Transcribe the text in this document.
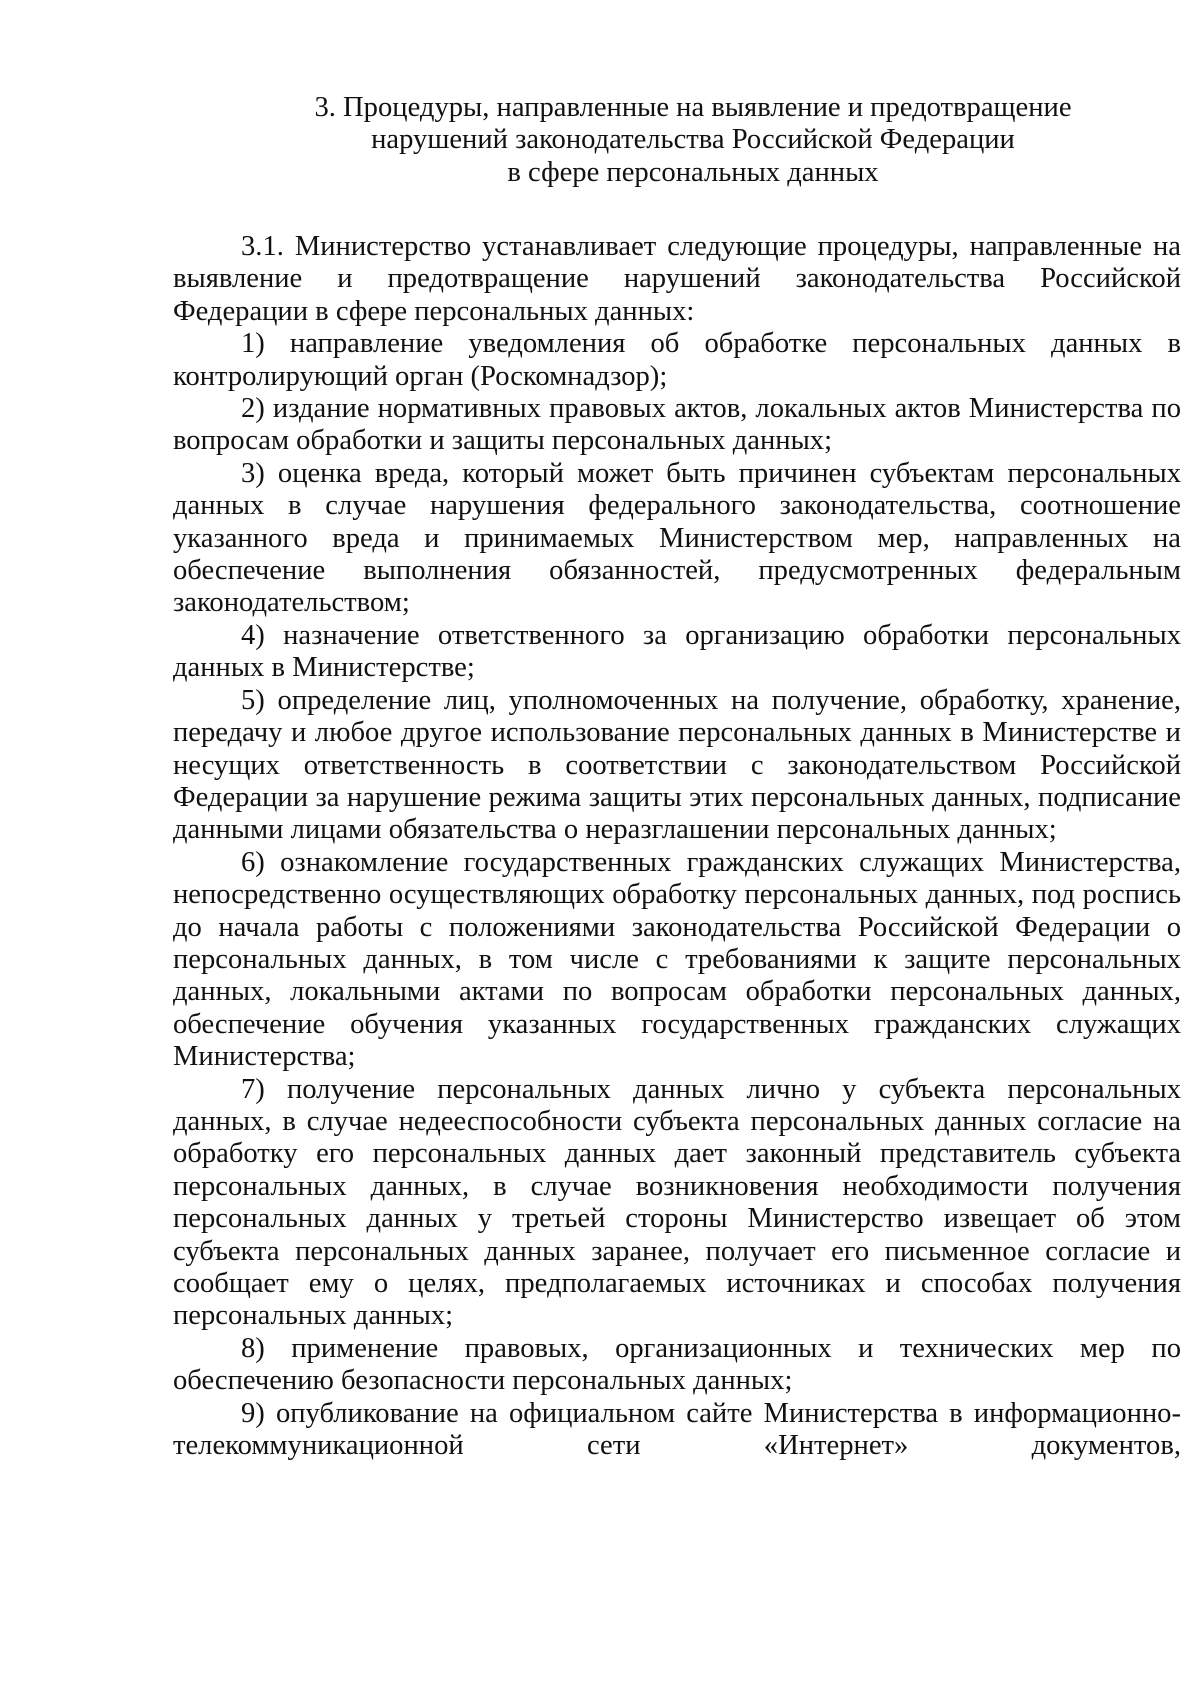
3. Процедуры, направленные на выявление и предотвращение
нарушений законодательства Российской Федерации
в сфере персональных данных

3.1. Министерство устанавливает следующие процедуры, направленные на выявление и предотвращение нарушений законодательства Российской Федерации в сфере персональных данных:

1) направление уведомления об обработке персональных данных в контролирующий орган (Роскомнадзор);

2) издание нормативных правовых актов, локальных актов Министерства по вопросам обработки и защиты персональных данных;

3) оценка вреда, который может быть причинен субъектам персональных данных в случае нарушения федерального законодательства, соотношение указанного вреда и принимаемых Министерством мер, направленных на обеспечение выполнения обязанностей, предусмотренных федеральным законодательством;

4) назначение ответственного за организацию обработки персональных данных в Министерстве;

5) определение лиц, уполномоченных на получение, обработку, хранение, передачу и любое другое использование персональных данных в Министерстве и несущих ответственность в соответствии с законодательством Российской Федерации за нарушение режима защиты этих персональных данных, подписание данными лицами обязательства о неразглашении персональных данных;

6) ознакомление государственных гражданских служащих Министерства, непосредственно осуществляющих обработку персональных данных, под роспись до начала работы с положениями законодательства Российской Федерации о персональных данных, в том числе с требованиями к защите персональных данных, локальными актами по вопросам обработки персональных данных, обеспечение обучения указанных государственных гражданских служащих Министерства;

7) получение персональных данных лично у субъекта персональных данных, в случае недееспособности субъекта персональных данных согласие на обработку его персональных данных дает законный представитель субъекта персональных данных, в случае возникновения необходимости получения персональных данных у третьей стороны Министерство извещает об этом субъекта персональных данных заранее, получает его письменное согласие и сообщает ему о целях, предполагаемых источниках и способах получения персональных данных;

8) применение правовых, организационных и технических мер по обеспечению безопасности персональных данных;

9) опубликование на официальном сайте Министерства в информационно-телекоммуникационной сети «Интернет» документов,
